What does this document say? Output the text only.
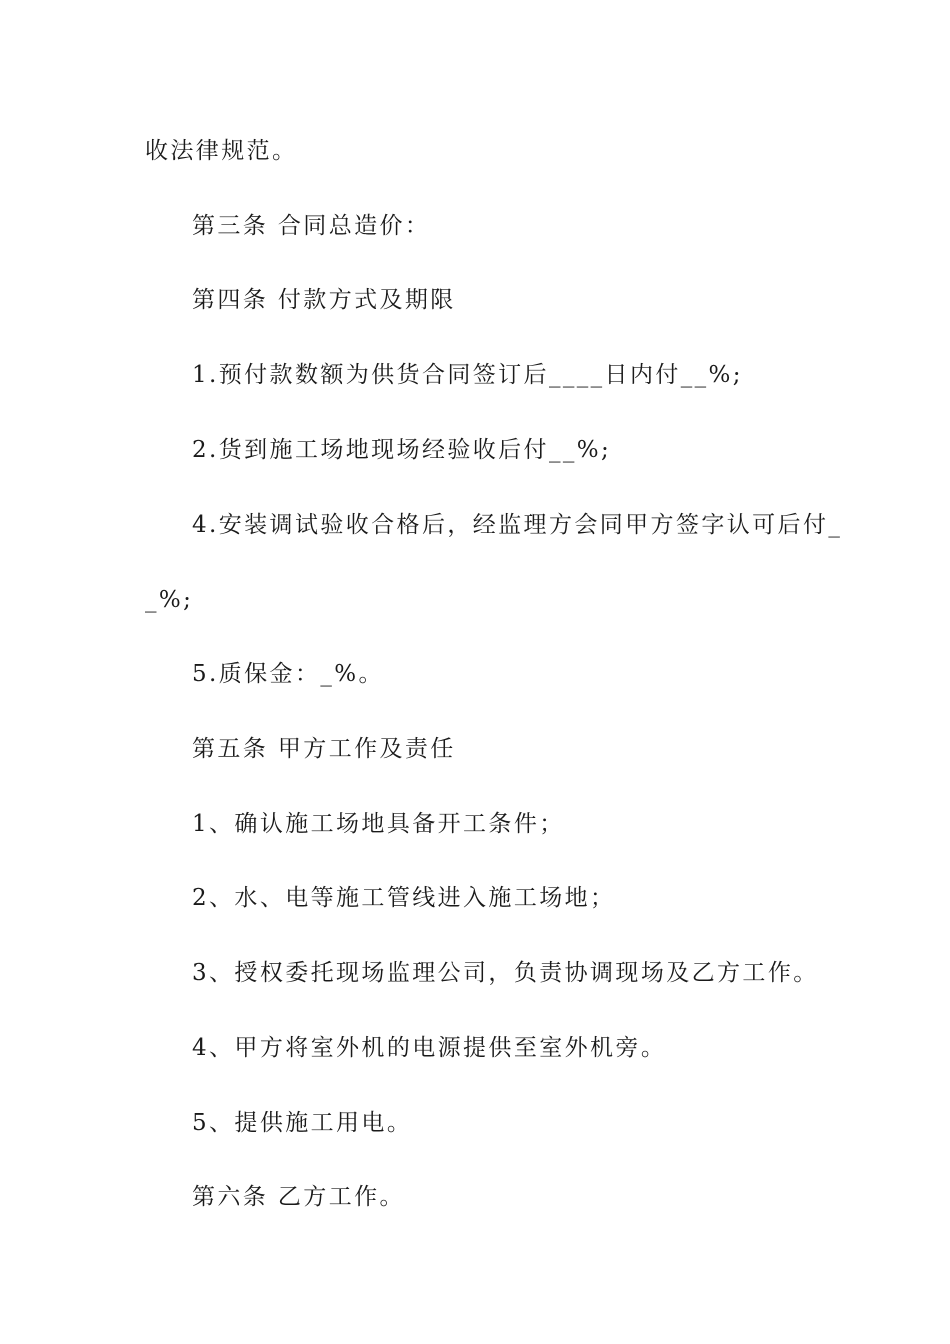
收法律规范。
第三条 合同总造价：
第四条 付款方式及期限
1.预付款数额为供货合同签订后____日内付__%;
2.货到施工场地现场经验收后付__%;
4.安装调试验收合格后，经监理方会同甲方签字认可后付_
_%;
5.质保金：_%。
第五条 甲方工作及责任
1、确认施工场地具备开工条件；
2、水、电等施工管线进入施工场地；
3、授权委托现场监理公司，负责协调现场及乙方工作。
4、甲方将室外机的电源提供至室外机旁。
5、提供施工用电。
第六条 乙方工作。
